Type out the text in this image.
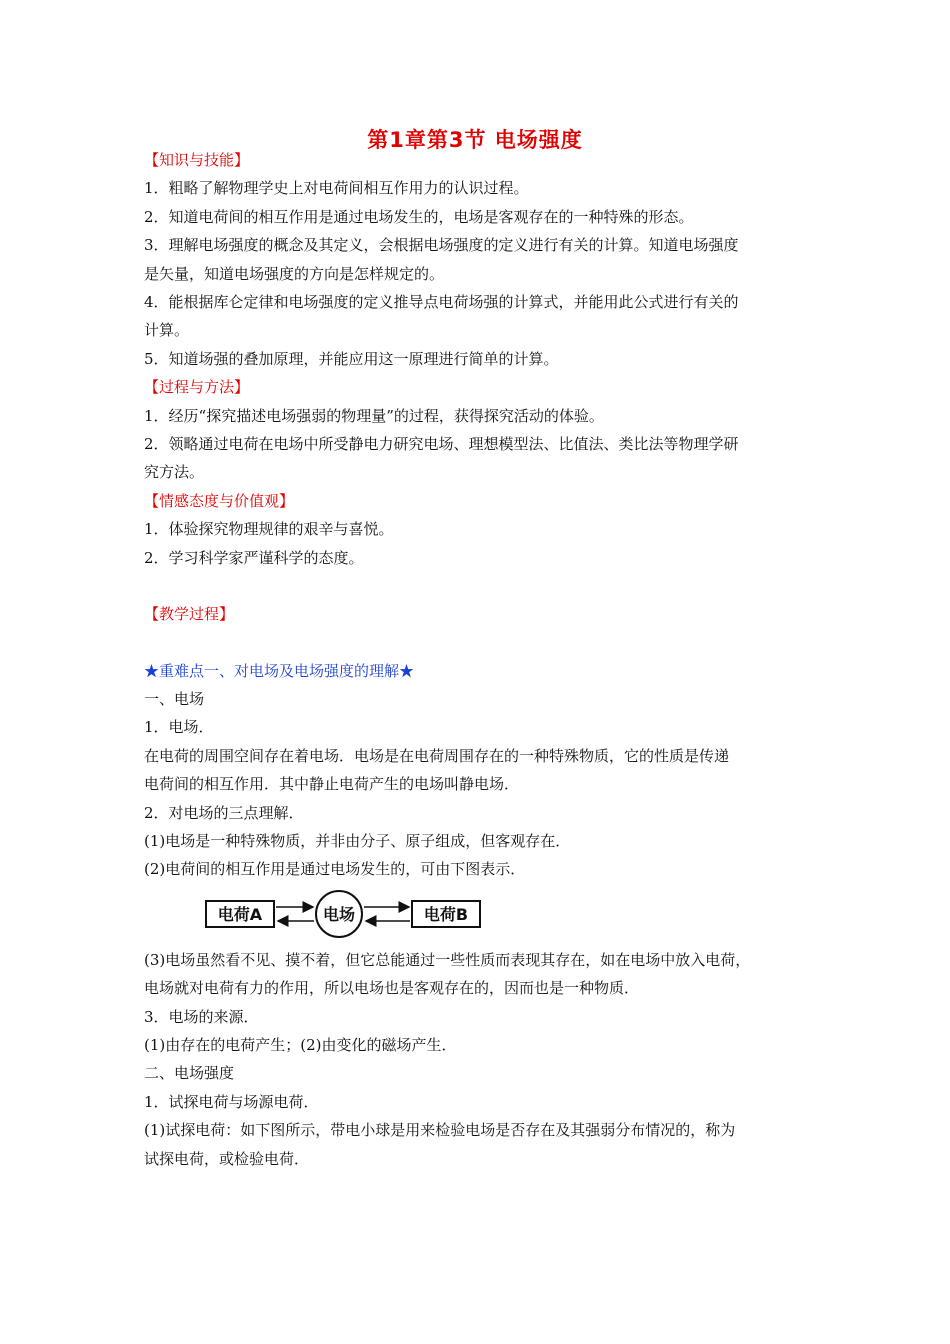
第1章第3节 电场强度
【知识与技能】
1．粗略了解物理学史上对电荷间相互作用力的认识过程。
2．知道电荷间的相互作用是通过电场发生的，电场是客观存在的一种特殊的形态。
3．理解电场强度的概念及其定义，会根据电场强度的定义进行有关的计算。知道电场强度
是矢量，知道电场强度的方向是怎样规定的。
4．能根据库仑定律和电场强度的定义推导点电荷场强的计算式，并能用此公式进行有关的
计算。
5．知道场强的叠加原理，并能应用这一原理进行简单的计算。
【过程与方法】
1．经历“探究描述电场强弱的物理量”的过程，获得探究活动的体验。
2．领略通过电荷在电场中所受静电力研究电场、理想模型法、比值法、类比法等物理学研
究方法。
【情感态度与价值观】
1．体验探究物理规律的艰辛与喜悦。
2．学习科学家严谨科学的态度。
【教学过程】
★重难点一、对电场及电场强度的理解★
一、电场
1．电场．
在电荷的周围空间存在着电场．电场是在电荷周围存在的一种特殊物质，它的性质是传递
电荷间的相互作用．其中静止电荷产生的电场叫静电场．
2．对电场的三点理解．
(1)电场是一种特殊物质，并非由分子、原子组成，但客观存在．
(2)电荷间的相互作用是通过电场发生的，可由下图表示．
电荷A	电场	电荷B
(3)电场虽然看不见、摸不着，但它总能通过一些性质而表现其存在，如在电场中放入电荷，
电场就对电荷有力的作用，所以电场也是客观存在的，因而也是一种物质．
3．电场的来源．
(1)由存在的电荷产生；(2)由变化的磁场产生．
二、电场强度
1．试探电荷与场源电荷．
(1)试探电荷：如下图所示，带电小球是用来检验电场是否存在及其强弱分布情况的，称为
试探电荷，或检验电荷．
